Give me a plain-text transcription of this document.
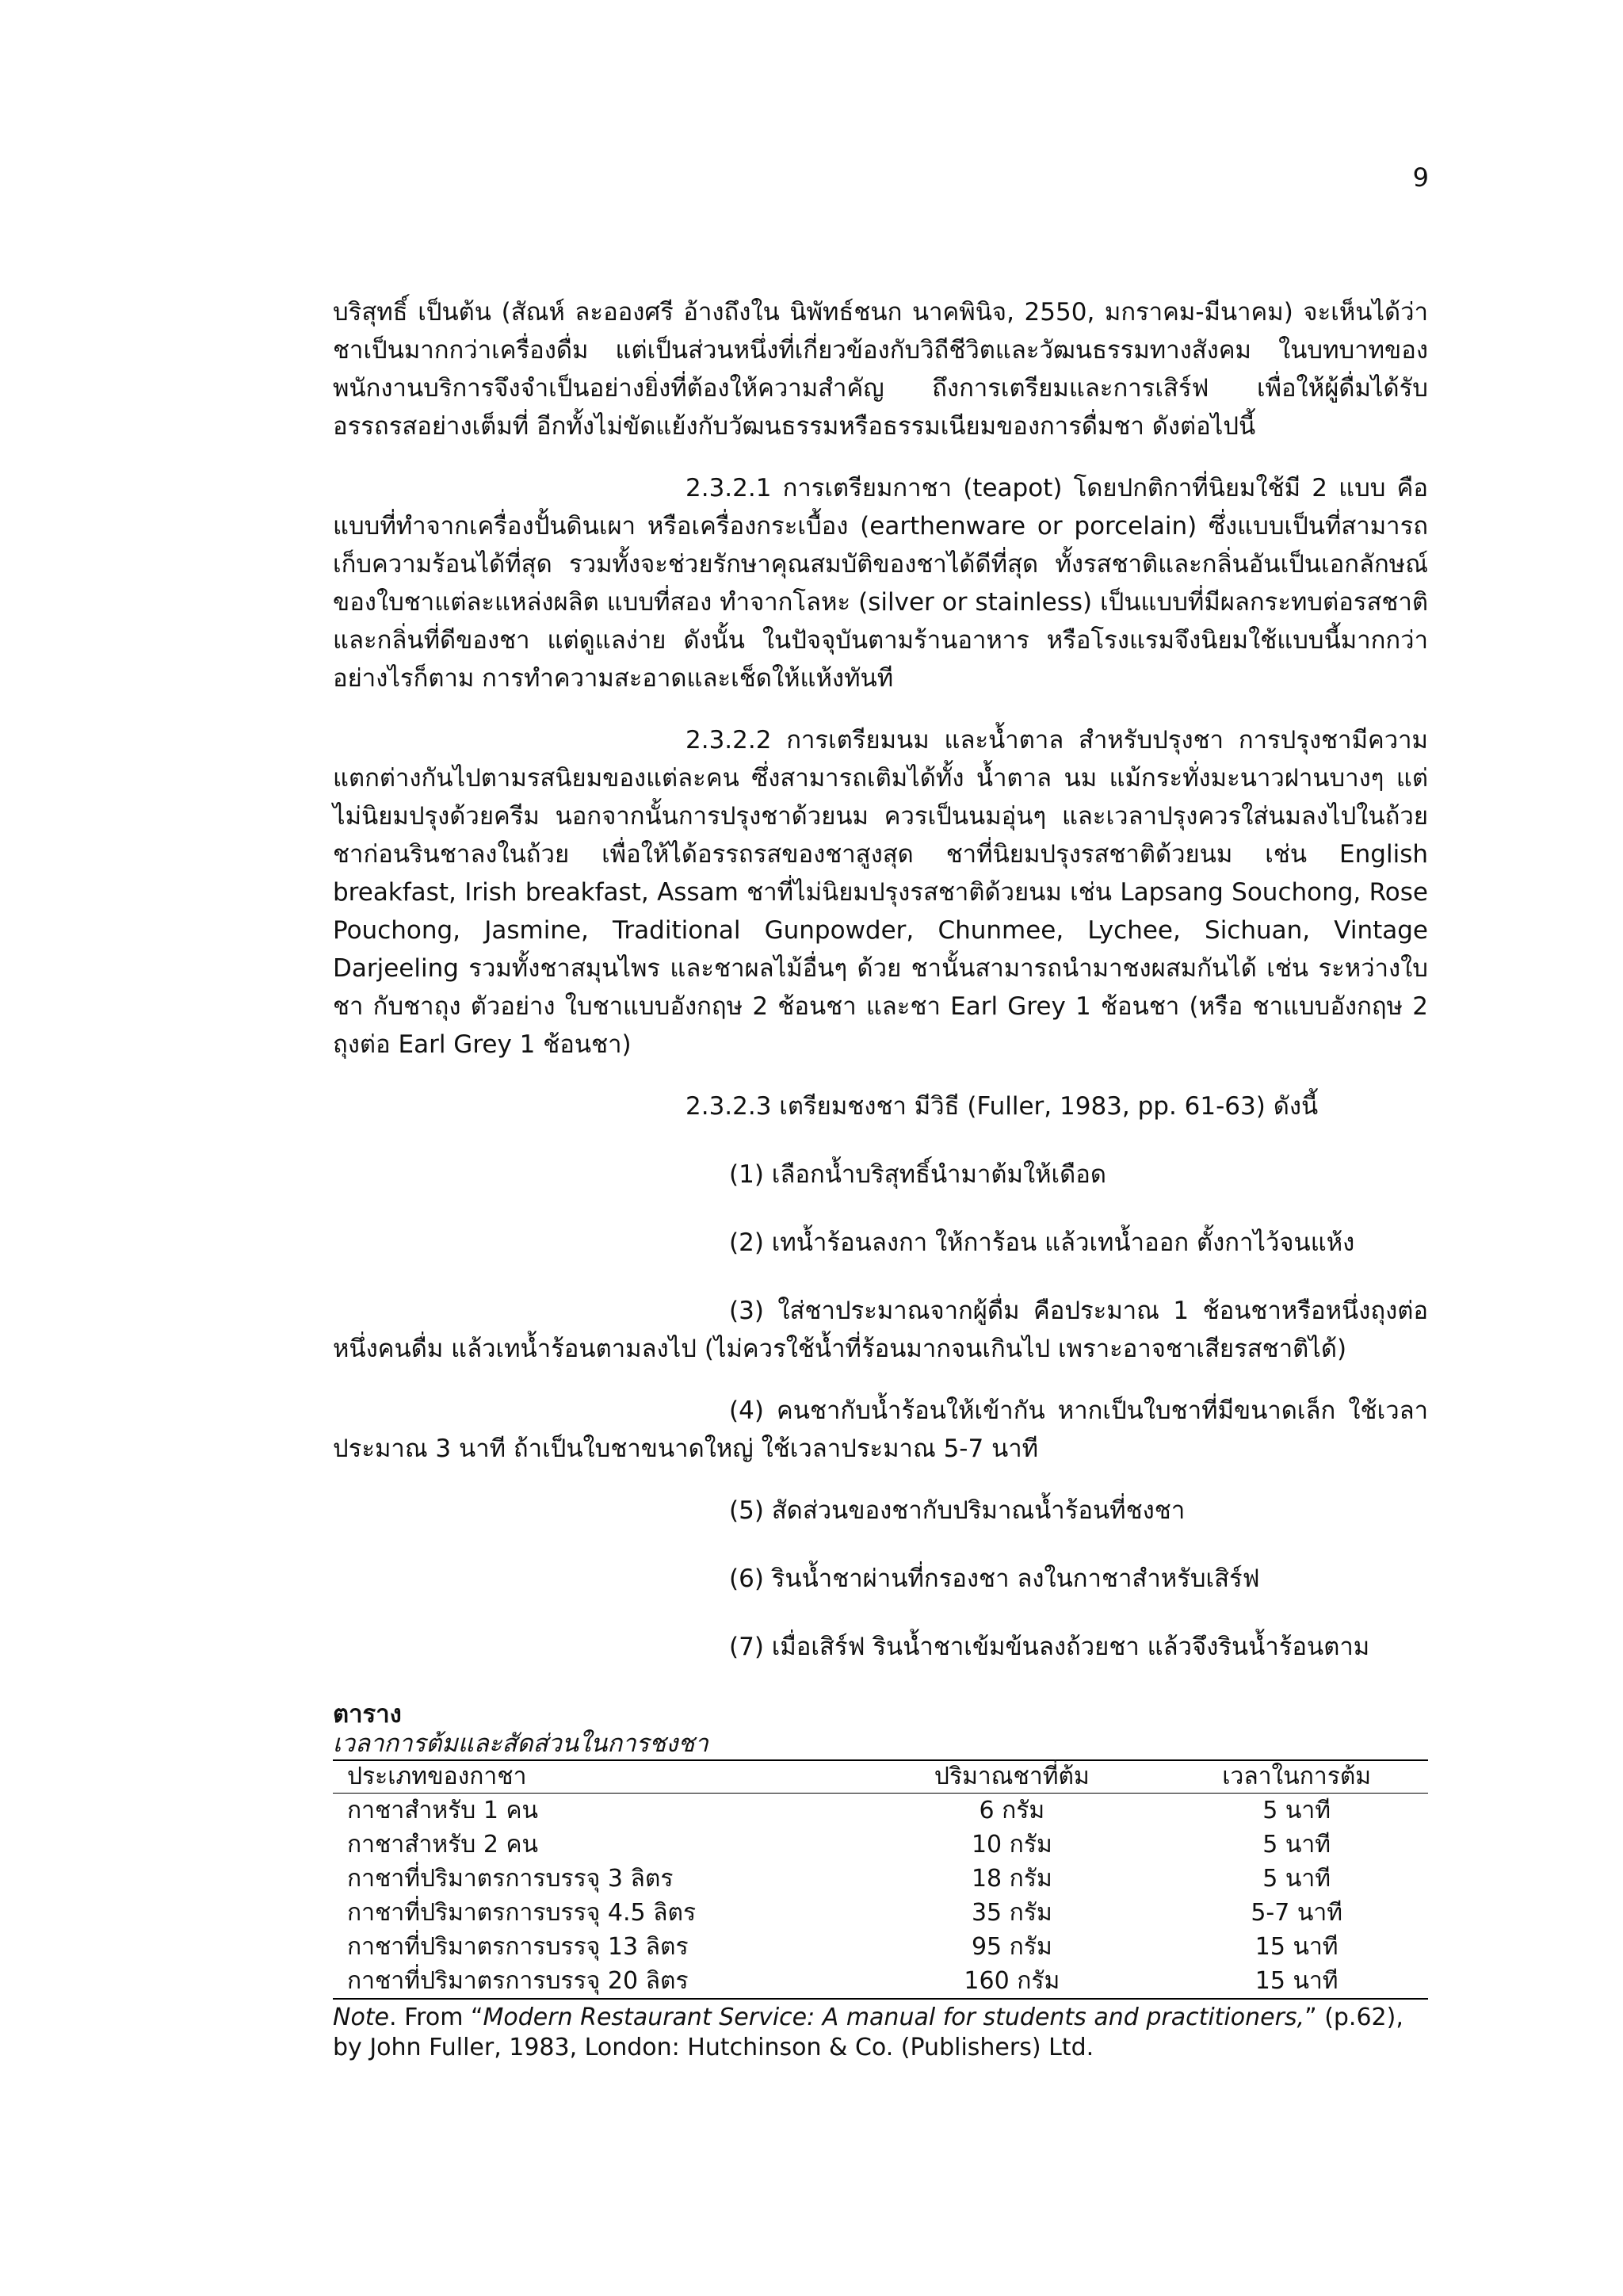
9

บริสุทธิ์ เป็นต้น (สัณห์ ละอองศรี อ้างถึงใน นิพัทธ์ชนก นาคพินิจ, 2550, มกราคม-มีนาคม) จะเห็นได้ว่า ชาเป็นมากกว่าเครื่องดื่ม แต่เป็นส่วนหนึ่งที่เกี่ยวข้องกับวิถีชีวิตและวัฒนธรรมทางสังคม ในบทบาทของพนักงานบริการจึงจำเป็นอย่างยิ่งที่ต้องให้ความสำคัญ ถึงการเตรียมและการเสิร์ฟ เพื่อให้ผู้ดื่มได้รับอรรถรสอย่างเต็มที่ อีกทั้งไม่ขัดแย้งกับวัฒนธรรมหรือธรรมเนียมของการดื่มชา ดังต่อไปนี้

2.3.2.1 การเตรียมกาชา (teapot) โดยปกติกาที่นิยมใช้มี 2 แบบ คือ แบบที่ทำจากเครื่องปั้นดินเผา หรือเครื่องกระเบื้อง (earthenware or porcelain) ซึ่งแบบเป็นที่สามารถเก็บความร้อนได้ที่สุด รวมทั้งจะช่วยรักษาคุณสมบัติของชาได้ดีที่สุด ทั้งรสชาติและกลิ่นอันเป็นเอกลักษณ์ของใบชาแต่ละแหล่งผลิต แบบที่สอง ทำจากโลหะ (silver or stainless) เป็นแบบที่มีผลกระทบต่อรสชาติและกลิ่นที่ดีของชา แต่ดูแลง่าย ดังนั้น ในปัจจุบันตามร้านอาหาร หรือโรงแรมจึงนิยมใช้แบบนี้มากกว่า อย่างไรก็ตาม การทำความสะอาดและเช็ดให้แห้งทันที

2.3.2.2 การเตรียมนม และน้ำตาล สำหรับปรุงชา การปรุงชามีความแตกต่างกันไปตามรสนิยมของแต่ละคน ซึ่งสามารถเติมได้ทั้ง น้ำตาล นม แม้กระทั่งมะนาวฝานบางๆ แต่ไม่นิยมปรุงด้วยครีม นอกจากนั้นการปรุงชาด้วยนม ควรเป็นนมอุ่นๆ และเวลาปรุงควรใส่นมลงไปในถ้วยชาก่อนรินชาลงในถ้วย เพื่อให้ได้อรรถรสของชาสูงสุด ชาที่นิยมปรุงรสชาติด้วยนม เช่น English breakfast, Irish breakfast, Assam ชาที่ไม่นิยมปรุงรสชาติด้วยนม เช่น Lapsang Souchong, Rose Pouchong, Jasmine, Traditional Gunpowder, Chunmee, Lychee, Sichuan, Vintage Darjeeling รวมทั้งชาสมุนไพร และชาผลไม้อื่นๆ ด้วย ชานั้นสามารถนำมาชงผสมกันได้ เช่น ระหว่างใบชา กับชาถุง ตัวอย่าง ใบชาแบบอังกฤษ 2 ช้อนชา และชา Earl Grey 1 ช้อนชา (หรือ ชาแบบอังกฤษ 2 ถุงต่อ Earl Grey 1 ช้อนชา)

2.3.2.3 เตรียมชงชา มีวิธี (Fuller, 1983, pp. 61-63) ดังนี้

(1) เลือกน้ำบริสุทธิ์นำมาต้มให้เดือด

(2) เทน้ำร้อนลงกา ให้การ้อน แล้วเทน้ำออก ตั้งกาไว้จนแห้ง

(3) ใส่ชาประมาณจากผู้ดื่ม คือประมาณ 1 ช้อนชาหรือหนึ่งถุงต่อหนึ่งคนดื่ม แล้วเทน้ำร้อนตามลงไป (ไม่ควรใช้น้ำที่ร้อนมากจนเกินไป เพราะอาจชาเสียรสชาติได้)

(4) คนชากับน้ำร้อนให้เข้ากัน หากเป็นใบชาที่มีขนาดเล็ก ใช้เวลาประมาณ 3 นาที ถ้าเป็นใบชาขนาดใหญ่ ใช้เวลาประมาณ 5-7 นาที

(5) สัดส่วนของชากับปริมาณน้ำร้อนที่ชงชา

(6) รินน้ำชาผ่านที่กรองชา ลงในกาชาสำหรับเสิร์ฟ

(7) เมื่อเสิร์ฟ รินน้ำชาเข้มข้นลงถ้วยชา แล้วจึงรินน้ำร้อนตาม

ตาราง
เวลาการต้มและสัดส่วนในการชงชา
ประเภทของกาชา	ปริมาณชาที่ต้ม	เวลาในการต้ม
กาชาสำหรับ 1 คน	6 กรัม	5 นาที
กาชาสำหรับ 2 คน	10 กรัม	5 นาที
กาชาที่ปริมาตรการบรรจุ 3 ลิตร	18 กรัม	5 นาที
กาชาที่ปริมาตรการบรรจุ 4.5 ลิตร	35 กรัม	5-7 นาที
กาชาที่ปริมาตรการบรรจุ 13 ลิตร	95 กรัม	15 นาที
กาชาที่ปริมาตรการบรรจุ 20 ลิตร	160 กรัม	15 นาที
Note. From “Modern Restaurant Service: A manual for students and practitioners,” (p.62), by John Fuller, 1983, London: Hutchinson & Co. (Publishers) Ltd.
